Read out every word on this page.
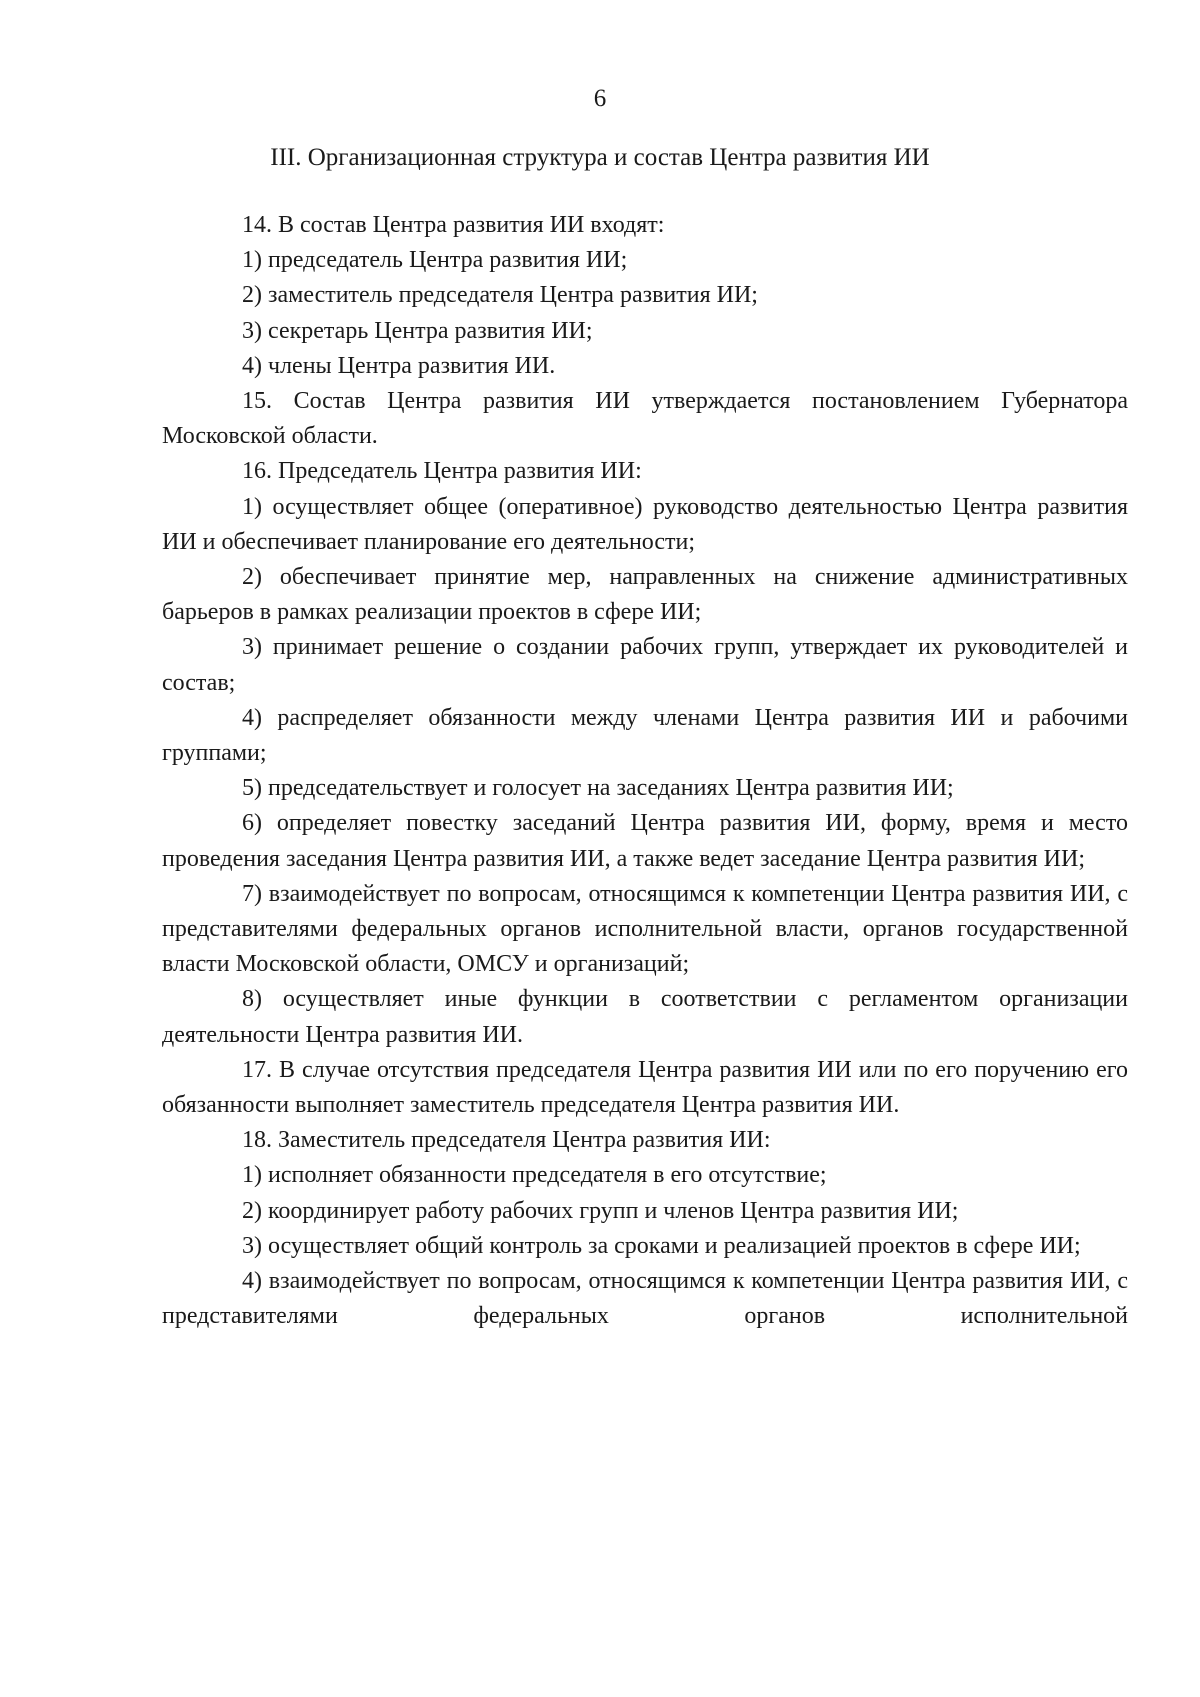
6
III. Организационная структура и состав Центра развития ИИ

14. В состав Центра развития ИИ входят:

1) председатель Центра развития ИИ;

2) заместитель председателя Центра развития ИИ;

3) секретарь Центра развития ИИ;

4) члены Центра развития ИИ.

15. Состав Центра развития ИИ утверждается постановлением Губернатора Московской области.

16. Председатель Центра развития ИИ:

1) осуществляет общее (оперативное) руководство деятельностью Центра развития ИИ и обеспечивает планирование его деятельности;

2) обеспечивает принятие мер, направленных на снижение административных барьеров в рамках реализации проектов в сфере ИИ;

3) принимает решение о создании рабочих групп, утверждает их руководителей и состав;

4) распределяет обязанности между членами Центра развития ИИ и рабочими группами;

5) председательствует и голосует на заседаниях Центра развития ИИ;

6) определяет повестку заседаний Центра развития ИИ, форму, время и место проведения заседания Центра развития ИИ, а также ведет заседание Центра развития ИИ;

7) взаимодействует по вопросам, относящимся к компетенции Центра развития ИИ, с представителями федеральных органов исполнительной власти, органов государственной власти Московской области, ОМСУ и организаций;

8) осуществляет иные функции в соответствии с регламентом организации деятельности Центра развития ИИ.

17. В случае отсутствия председателя Центра развития ИИ или по его поручению его обязанности выполняет заместитель председателя Центра развития ИИ.

18. Заместитель председателя Центра развития ИИ:

1) исполняет обязанности председателя в его отсутствие;

2) координирует работу рабочих групп и членов Центра развития ИИ;

3) осуществляет общий контроль за сроками и реализацией проектов в сфере ИИ;

4) взаимодействует по вопросам, относящимся к компетенции Центра развития ИИ, с представителями федеральных органов исполнительной
